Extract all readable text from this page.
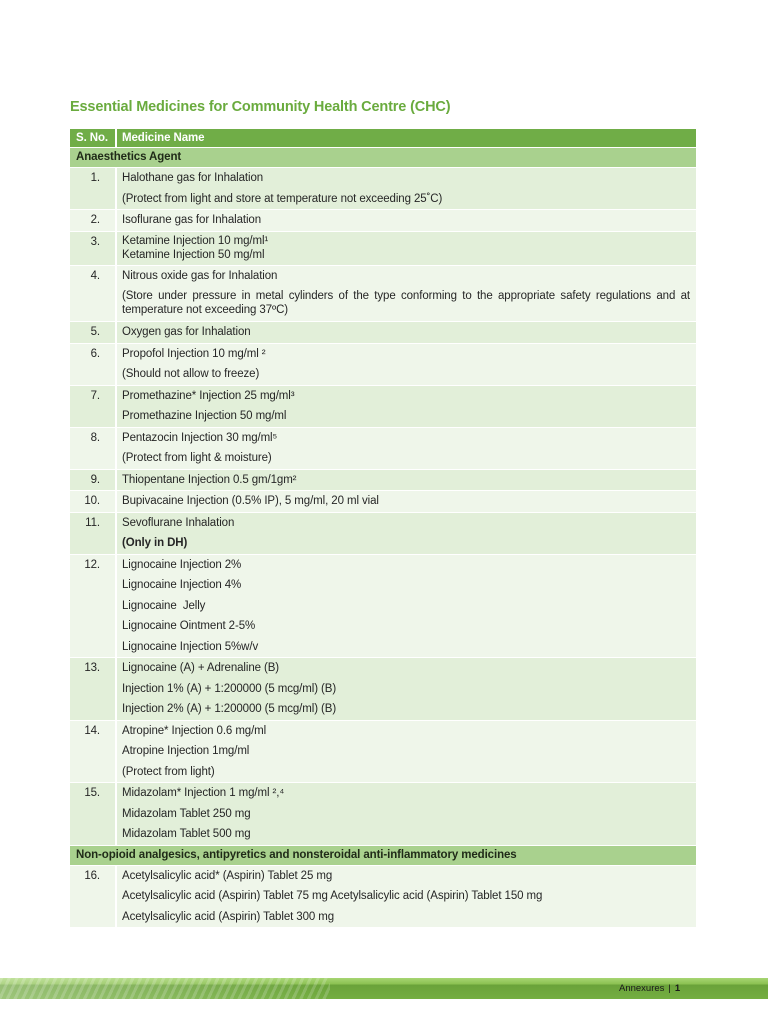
Essential Medicines for Community Health Centre (CHC)
S. No.	Medicine Name
Anaesthetics Agent	
1.	Halothane gas for Inhalation
(Protect from light and store at temperature not exceeding 25˚C)

2.	Isoflurane gas for Inhalation

3.	Ketamine Injection 10 mg/ml¹
Ketamine Injection 50 mg/ml

4.	Nitrous oxide gas for Inhalation
(Store under pressure in metal cylinders of the type conforming to the appropriate safety regulations and at temperature not exceeding 37ºC)

5.	Oxygen gas for Inhalation

6.	Propofol Injection 10 mg/ml ²
(Should not allow to freeze)

7.	Promethazine* Injection 25 mg/ml³
Promethazine Injection 50 mg/ml

8.	Pentazocin Injection 30 mg/ml⁵
(Protect from light & moisture)

9.	Thiopentane Injection 0.5 gm/1gm²

10.	Bupivacaine Injection (0.5% IP), 5 mg/ml, 20 ml vial

11.	Sevoflurane Inhalation
(Only in DH)

12.	Lignocaine Injection 2%
Lignocaine Injection 4%
Lignocaine  Jelly
Lignocaine Ointment 2-5%
Lignocaine Injection 5%w/v

13.	Lignocaine (A) + Adrenaline (B)
Injection 1% (A) + 1:200000 (5 mcg/ml) (B)
Injection 2% (A) + 1:200000 (5 mcg/ml) (B)

14.	Atropine* Injection 0.6 mg/ml
Atropine Injection 1mg/ml
(Protect from light)

15.	Midazolam* Injection 1 mg/ml ²,⁴
Midazolam Tablet 250 mg
Midazolam Tablet 500 mg

Non-opioid analgesics, antipyretics and nonsteroidal anti-inflammatory medicines	
16.	Acetylsalicylic acid* (Aspirin) Tablet 25 mg
Acetylsalicylic acid (Aspirin) Tablet 75 mg Acetylsalicylic acid (Aspirin) Tablet 150 mg
Acetylsalicylic acid (Aspirin) Tablet 300 mg
Annexures | 1
